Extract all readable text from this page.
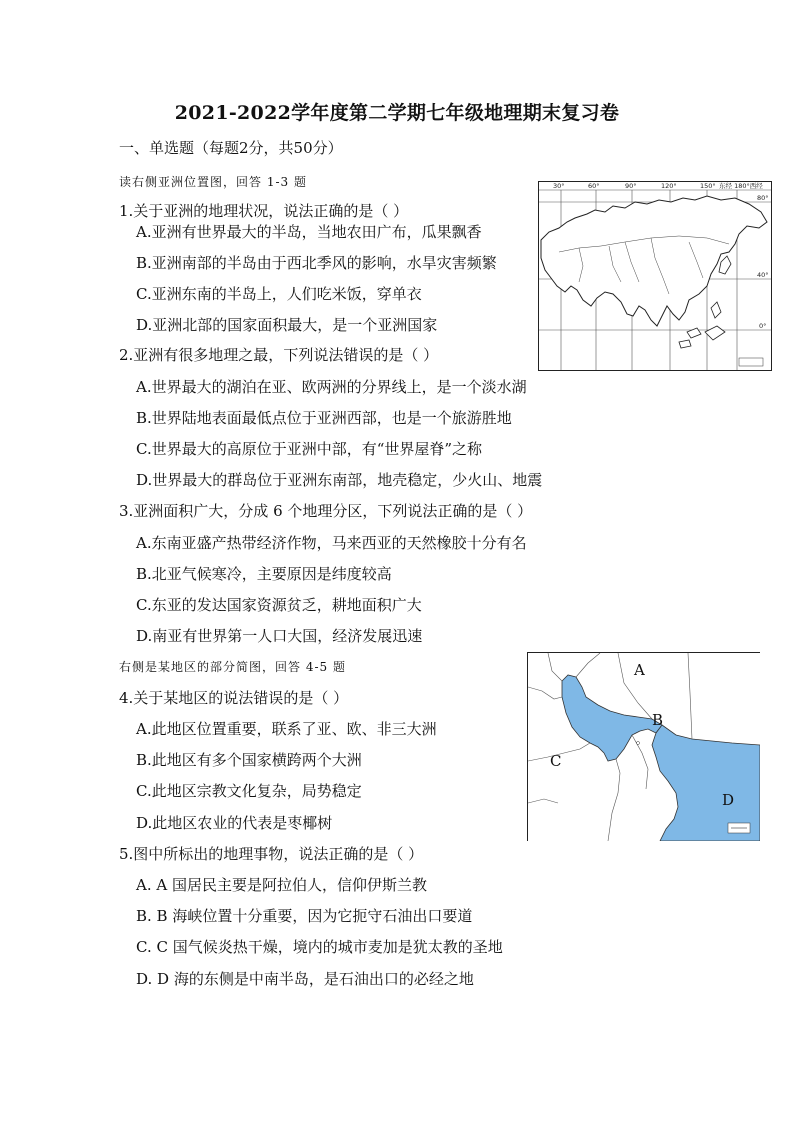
2021-2022学年度第二学期七年级地理期末复习卷
一、单选题（每题2分，共50分）
读右侧亚洲位置图，回答 1-3 题
1.关于亚洲的地理状况，说法正确的是（ ）
A.亚洲有世界最大的半岛，当地农田广布，瓜果飘香
B.亚洲南部的半岛由于西北季风的影响，水旱灾害频繁
C.亚洲东南的半岛上，人们吃米饭，穿单衣
D.亚洲北部的国家面积最大，是一个亚洲国家
2.亚洲有很多地理之最，下列说法错误的是（ ）
A.世界最大的湖泊在亚、欧两洲的分界线上，是一个淡水湖
B.世界陆地表面最低点位于亚洲西部，也是一个旅游胜地
C.世界最大的高原位于亚洲中部，有“世界屋脊”之称
D.世界最大的群岛位于亚洲东南部，地壳稳定，少火山、地震
3.亚洲面积广大，分成 6 个地理分区，下列说法正确的是（ ）
A.东南亚盛产热带经济作物，马来西亚的天然橡胶十分有名
B.北亚气候寒冷，主要原因是纬度较高
C.东亚的发达国家资源贫乏，耕地面积广大
D.南亚有世界第一人口大国，经济发展迅速
右侧是某地区的部分简图，回答 4-5 题
4.关于某地区的说法错误的是（ ）
A.此地区位置重要，联系了亚、欧、非三大洲
B.此地区有多个国家横跨两个大洲
C.此地区宗教文化复杂，局势稳定
D.此地区农业的代表是枣椰树
5.图中所标出的地理事物，说法正确的是（ ）
A. A 国居民主要是阿拉伯人，信仰伊斯兰教
B. B 海峡位置十分重要，因为它扼守石油出口要道
C. C 国气候炎热干燥，境内的城市麦加是犹太教的圣地
D. D 海的东侧是中南半岛，是石油出口的必经之地
30°	60°	90°	120°	150° 东经 180°西经
80°
40°
0°
A
B
C
D
